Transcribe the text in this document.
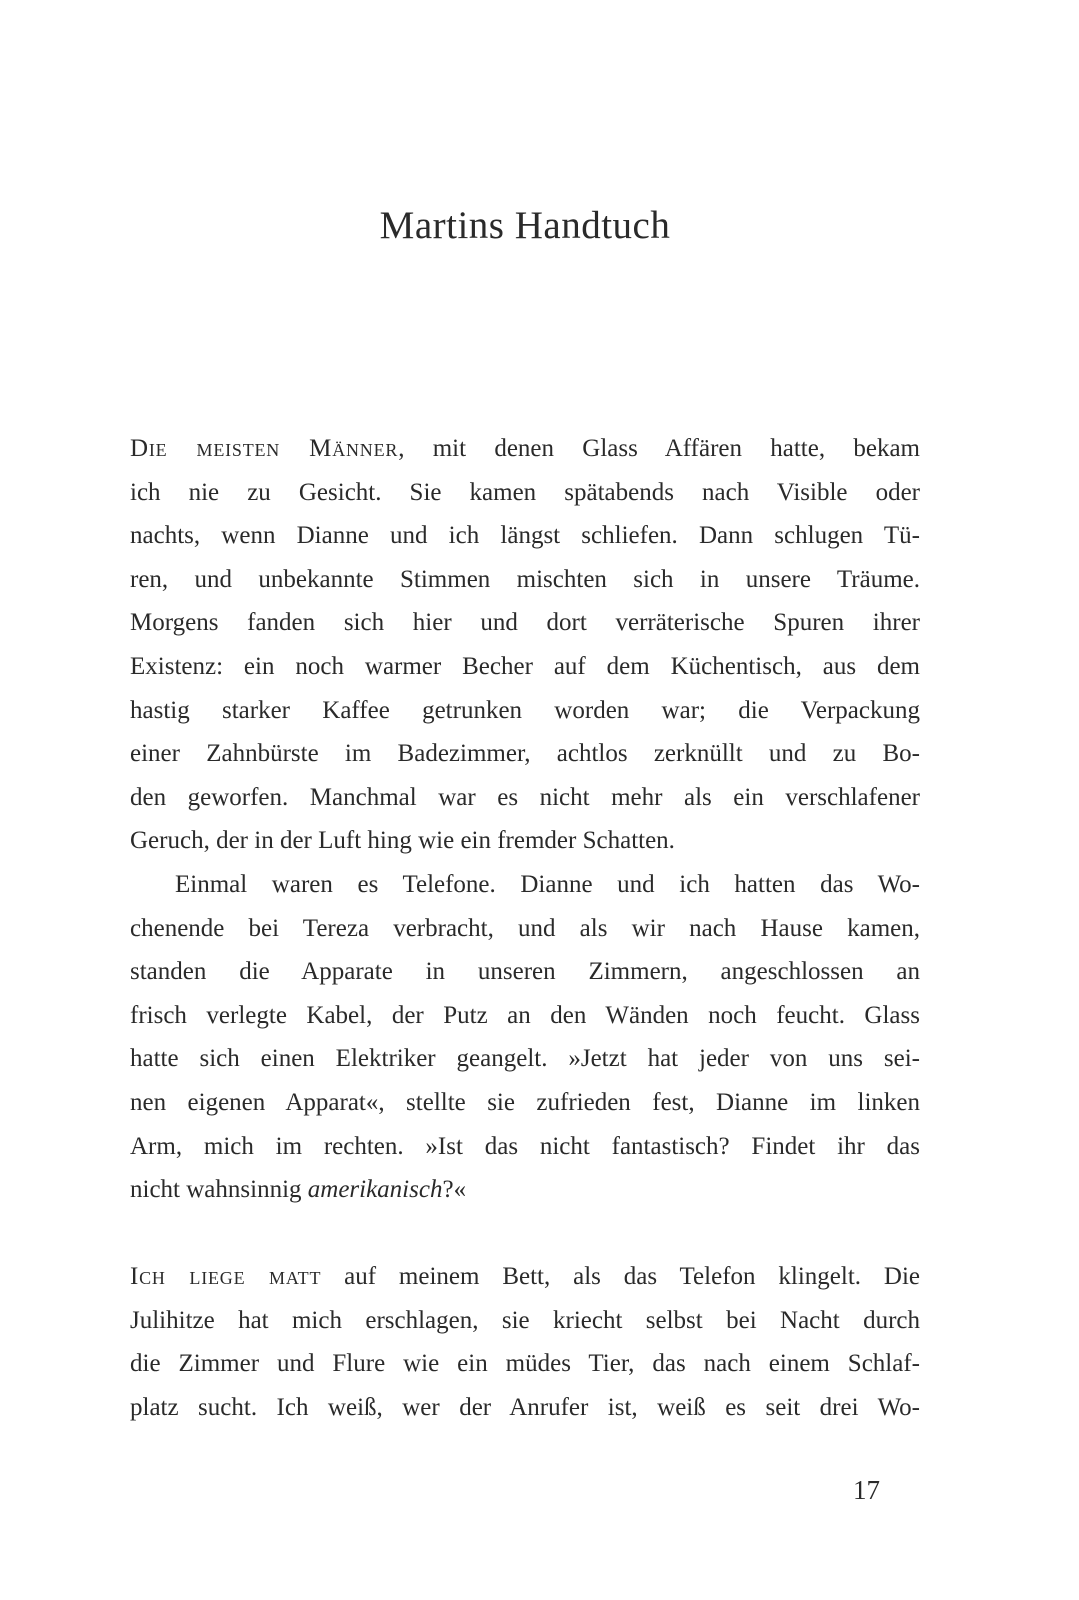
Martins Handtuch
Die meisten Männer, mit denen Glass Affären hatte, bekam
ich nie zu Gesicht. Sie kamen spätabends nach Visible oder
nachts, wenn Dianne und ich längst schliefen. Dann schlugen Tü-
ren, und unbekannte Stimmen mischten sich in unsere Träume.
Morgens fanden sich hier und dort verräterische Spuren ihrer
Existenz: ein noch warmer Becher auf dem Küchentisch, aus dem
hastig starker Kaffee getrunken worden war; die Verpackung
einer Zahnbürste im Badezimmer, achtlos zerknüllt und zu Bo-
den geworfen. Manchmal war es nicht mehr als ein verschlafener
Geruch, der in der Luft hing wie ein fremder Schatten.
Einmal waren es Telefone. Dianne und ich hatten das Wo-
chenende bei Tereza verbracht, und als wir nach Hause kamen,
standen die Apparate in unseren Zimmern, angeschlossen an
frisch verlegte Kabel, der Putz an den Wänden noch feucht. Glass
hatte sich einen Elektriker geangelt. »Jetzt hat jeder von uns sei-
nen eigenen Apparat«, stellte sie zufrieden fest, Dianne im linken
Arm, mich im rechten. »Ist das nicht fantastisch? Findet ihr das
nicht wahnsinnig amerikanisch?«
Ich liege matt auf meinem Bett, als das Telefon klingelt. Die
Julihitze hat mich erschlagen, sie kriecht selbst bei Nacht durch
die Zimmer und Flure wie ein müdes Tier, das nach einem Schlaf-
platz sucht. Ich weiß, wer der Anrufer ist, weiß es seit drei Wo-
17
